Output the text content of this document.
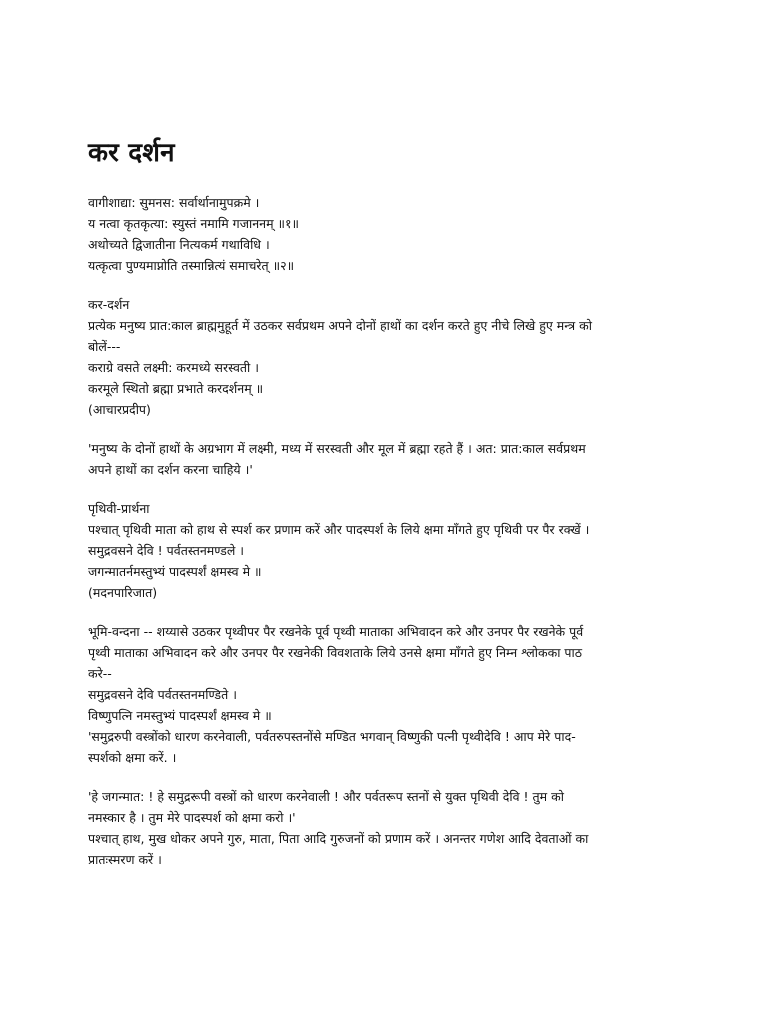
कर दर्शन
वागीशाद्या: सुमनस: सर्वार्थानामुपक्रमे ।
य नत्वा कृतकृत्या: स्युस्तं नमामि गजाननम् ॥१॥
अथोच्यते द्विजातीना नित्यकर्म गथाविधि ।
यत्कृत्वा पुण्यमाप्नोति तस्मान्नित्यं समाचरेत् ॥२॥
कर-दर्शन
प्रत्येक मनुष्य प्रात:काल ब्राह्ममुहूर्त में उठकर सर्वप्रथम अपने दोनों हाथों का दर्शन करते हुए नीचे लिखे हुए मन्त्र को
बोलें---
कराग्रे वसते लक्ष्मी: करमध्ये सरस्वती ।
करमूले स्थितो ब्रह्मा प्रभाते करदर्शनम् ॥
(आचारप्रदीप)
'मनुष्य के दोनों हाथों के अग्रभाग में लक्ष्मी, मध्य में सरस्वती और मूल में ब्रह्मा रहते हैं । अत: प्रात:काल सर्वप्रथम
अपने हाथों का दर्शन करना चाहिये ।'
पृथिवी-प्रार्थना
पश्चात् पृथिवी माता को हाथ से स्पर्श कर प्रणाम करें और पादस्पर्श के लिये क्षमा माँगते हुए पृथिवी पर पैर रक्खें ।
समुद्रवसने देवि ! पर्वतस्तनमण्डले ।
जगन्मातर्नमस्तुभ्यं पादस्पर्शं क्षमस्व मे ॥
(मदनपारिजात)
भूमि-वन्दना -- शय्यासे उठकर पृथ्वीपर पैर रखनेके पूर्व पृथ्वी माताका अभिवादन करे और उनपर पैर रखनेके पूर्व
पृथ्वी माताका अभिवादन करे और उनपर पैर रखनेकी विवशताके लिये उनसे क्षमा माँगते हुए निम्न श्लोकका पाठ
करे--
समुद्रवसने देवि पर्वतस्तनमण्डिते ।
विष्णुपत्नि नमस्तुभ्यं पादस्पर्शं क्षमस्व मे ॥
'समुद्ररुपी वस्त्रोंको धारण करनेवाली, पर्वतरुपस्तनोंसे मण्डित भगवान् विष्णुकी पत्नी पृथ्वीदेवि ! आप मेरे पाद-
स्पर्शको क्षमा करें. ।
'हे जगन्मात: ! हे समुद्ररूपी वस्त्रों को धारण करनेवाली ! और पर्वतरूप स्तनों से युक्त पृथिवी देवि ! तुम को
नमस्कार है । तुम मेरे पादस्पर्श को क्षमा करो ।'
पश्चात् हाथ, मुख धोकर अपने गुरु, माता, पिता आदि गुरुजनों को प्रणाम करें । अनन्तर गणेश आदि देवताओं का
प्रातःस्मरण करें ।
